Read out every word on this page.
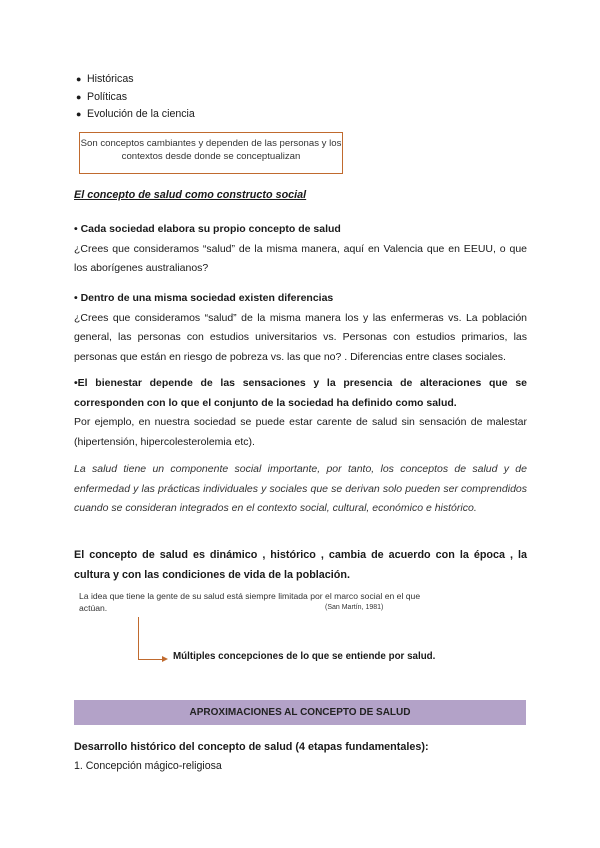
● Históricas
● Políticas
● Evolución de la ciencia
Son conceptos cambiantes y dependen de las personas y los contextos desde donde se conceptualizan
El concepto de salud como constructo social
• Cada sociedad elabora su propio concepto de salud
¿Crees que consideramos “salud” de la misma manera, aquí en Valencia que en EEUU, o que los aborígenes australianos?
• Dentro de una misma sociedad existen diferencias
¿Crees que consideramos “salud” de la misma manera los y las enfermeras vs. La población general, las personas con estudios universitarios vs. Personas con estudios primarios, las personas que están en riesgo de pobreza vs. las que no? . Diferencias entre clases sociales.
•El bienestar depende de las sensaciones y la presencia de alteraciones que se corresponden con lo que el conjunto de la sociedad ha definido como salud.
Por ejemplo, en nuestra sociedad se puede estar carente de salud sin sensación de malestar (hipertensión, hipercolesterolemia etc).
La salud tiene un componente social importante, por tanto, los conceptos de salud y de enfermedad y las prácticas individuales y sociales que se derivan solo pueden ser comprendidos cuando se consideran integrados en el contexto social, cultural, económico e histórico.
El concepto de salud es dinámico , histórico , cambia de acuerdo con la época , la cultura y con las condiciones de vida de la población.
La idea que tiene la gente de su salud está siempre limitada por el marco social en el que actúan.	(San Martín, 1981)
Múltiples concepciones de lo que se entiende por salud.
APROXIMACIONES AL CONCEPTO DE SALUD
Desarrollo histórico del concepto de salud (4 etapas fundamentales):
1. Concepción mágico-religiosa
